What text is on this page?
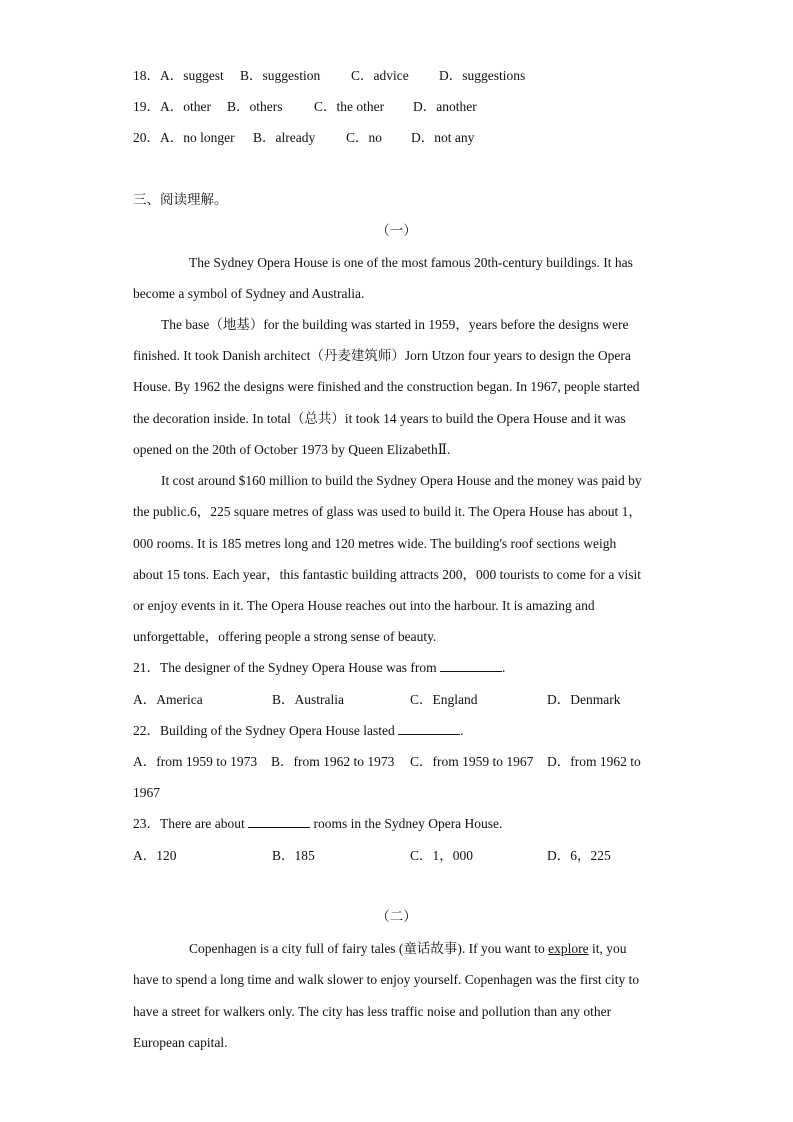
18．A．suggest B．suggestion C．advice D．suggestions
19．A．other B．others C．the other D．another
20．A．no longer B．already C．no D．not any
三、阅读理解。
（一）
The Sydney Opera House is one of the most famous 20th-century buildings. It has
become a symbol of Sydney and Australia.
The base（地基）for the building was started in 1959，years before the designs were
finished. It took Danish architect（丹麦建筑师）Jorn Utzon four years to design the Opera
House. By 1962 the designs were finished and the construction began. In 1967, people started
the decoration inside. In total（总共）it took 14 years to build the Opera House and it was
opened on the 20th of October 1973 by Queen ElizabethⅡ.
It cost around $160 million to build the Sydney Opera House and the money was paid by
the public.6，225 square metres of glass was used to build it. The Opera House has about 1，
000 rooms. It is 185 metres long and 120 metres wide. The building's roof sections weigh
about 15 tons. Each year，this fantastic building attracts 200，000 tourists to come for a visit
or enjoy events in it. The Opera House reaches out into the harbour. It is amazing and
unforgettable，offering people a strong sense of beauty.
21．The designer of the Sydney Opera House was from	.
A．America	B．Australia	C．England	D．Denmark
22．Building of the Sydney Opera House lasted	.
A．from 1959 to 1973 B．from 1962 to 1973 C．from 1959 to 1967 D．from 1962 to
1967
23．There are about	rooms in the Sydney Opera House.
A．120	B．185	C．1，000	D．6，225
（二）
Copenhagen is a city full of fairy tales (童话故事). If you want to explore it, you
have to spend a long time and walk slower to enjoy yourself. Copenhagen was the first city to
have a street for walkers only. The city has less traffic noise and pollution than any other
European capital.
